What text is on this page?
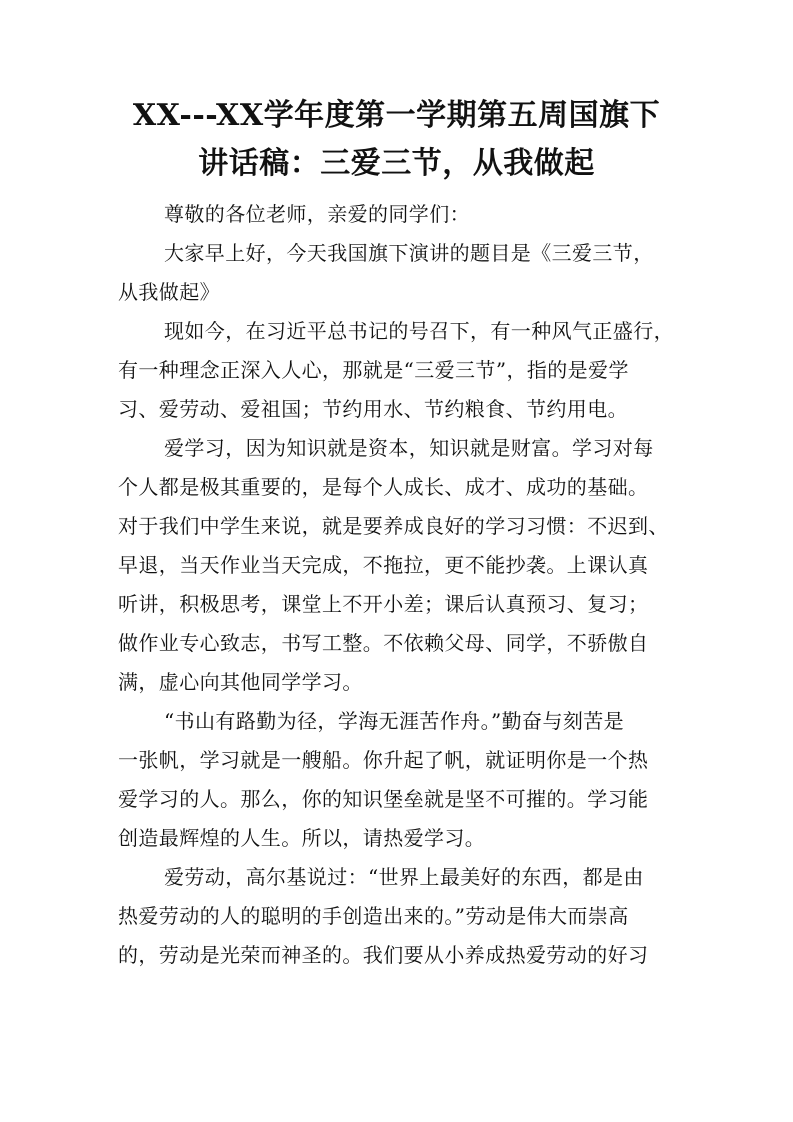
XX---XX学年度第一学期第五周国旗下
讲话稿：三爱三节，从我做起
尊敬的各位老师，亲爱的同学们：
大家早上好，今天我国旗下演讲的题目是《三爱三节，
从我做起》
现如今，在习近平总书记的号召下，有一种风气正盛行，
有一种理念正深入人心，那就是“三爱三节”，指的是爱学
习、爱劳动、爱祖国；节约用水、节约粮食、节约用电。
爱学习，因为知识就是资本，知识就是财富。学习对每
个人都是极其重要的，是每个人成长、成才、成功的基础。
对于我们中学生来说，就是要养成良好的学习习惯：不迟到、
早退，当天作业当天完成，不拖拉，更不能抄袭。上课认真
听讲，积极思考，课堂上不开小差；课后认真预习、复习；
做作业专心致志，书写工整。不依赖父母、同学，不骄傲自
满，虚心向其他同学学习。
“书山有路勤为径，学海无涯苦作舟。”勤奋与刻苦是
一张帆，学习就是一艘船。你升起了帆，就证明你是一个热
爱学习的人。那么，你的知识堡垒就是坚不可摧的。学习能
创造最辉煌的人生。所以，请热爱学习。
爱劳动，高尔基说过：“世界上最美好的东西，都是由
热爱劳动的人的聪明的手创造出来的。”劳动是伟大而崇高
的，劳动是光荣而神圣的。我们要从小养成热爱劳动的好习
